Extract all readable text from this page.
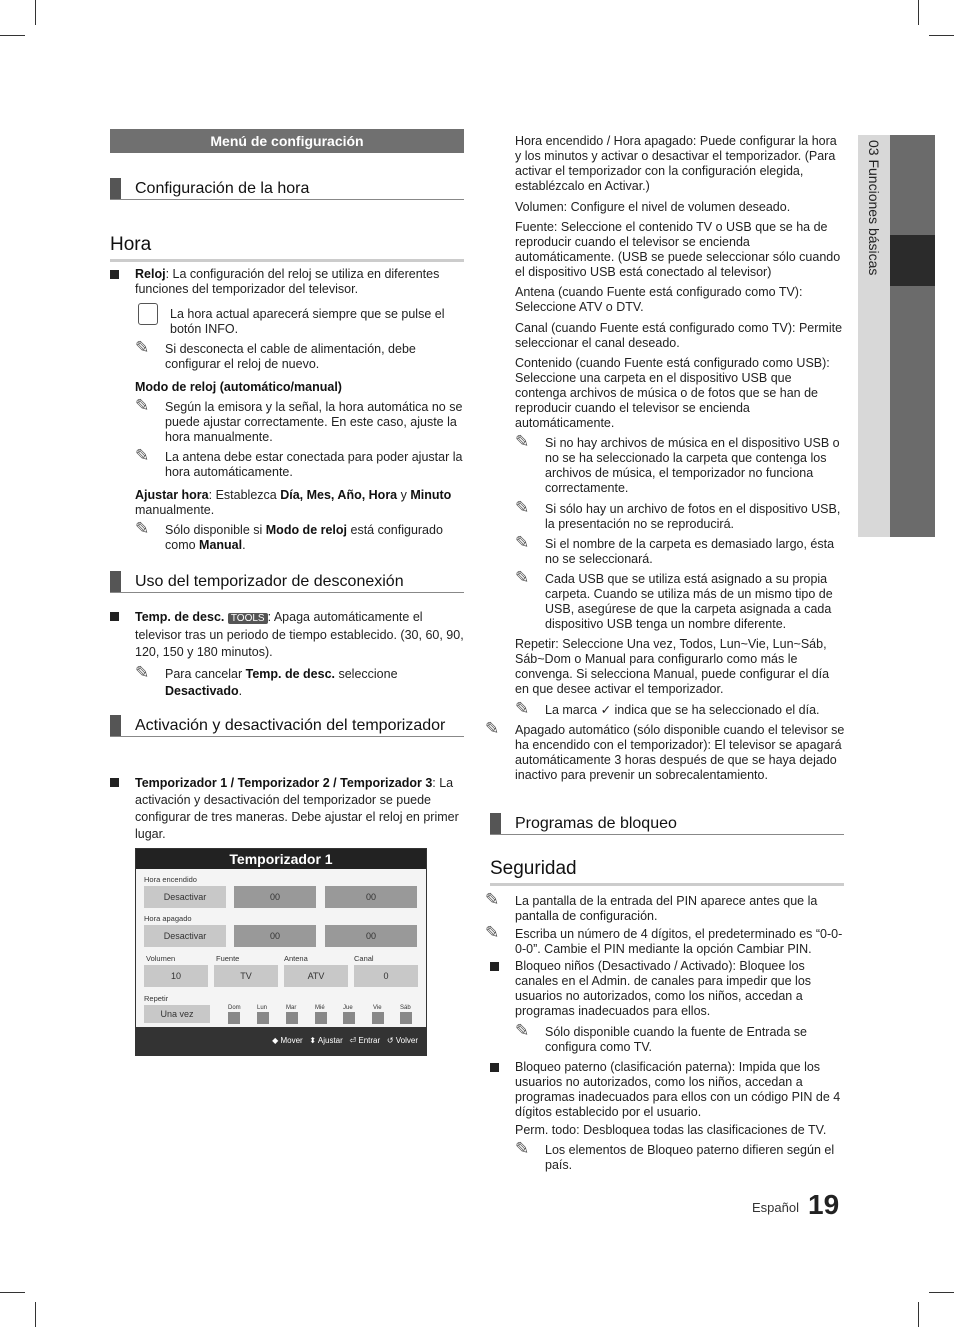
03 Funciones básicas
Menú de configuración
Configuración de la hora
Hora
Reloj: La configuración del reloj se utiliza en diferentes funciones del temporizador del televisor.
La hora actual aparecerá siempre que se pulse el botón INFO.
✎ Si desconecta el cable de alimentación, debe configurar el reloj de nuevo.
Modo de reloj (automático/manual)
✎ Según la emisora y la señal, la hora automática no se puede ajustar correctamente. En este caso, ajuste la hora manualmente.
✎ La antena debe estar conectada para poder ajustar la hora automáticamente.
Ajustar hora: Establezca Día, Mes, Año, Hora y Minuto manualmente.
✎ Sólo disponible si Modo de reloj está configurado como Manual.
Uso del temporizador de desconexión
Temp. de desc. TOOLS : Apaga automáticamente el televisor tras un periodo de tiempo establecido. (30, 60, 90, 120, 150 y 180 minutos).
✎ Para cancelar Temp. de desc. seleccione Desactivado.
Activación y desactivación del temporizador
Temporizador 1 / Temporizador 2 / Temporizador 3: La activación y desactivación del temporizador se puede configurar de tres maneras. Debe ajustar el reloj en primer lugar.
Temporizador 1
Hora encendido
Desactivar	00	00
Hora apagado
Desactivar	00	00
Volumen	Fuente	Antena	Canal
10	TV	ATV	0
Repetir
Una vez
Dom	Lun	Mar	Mié	Jue	Vie	Sáb
◆ Mover   ⬍ Ajustar   ⏎ Entrar   ↺ Volver
Hora encendido / Hora apagado: Puede configurar la hora y los minutos y activar o desactivar el temporizador. (Para activar el temporizador con la configuración elegida, establézcalo en Activar.)
Volumen: Configure el nivel de volumen deseado.
Fuente: Seleccione el contenido TV o USB que se ha de reproducir cuando el televisor se encienda automáticamente. (USB se puede seleccionar sólo cuando el dispositivo USB está conectado al televisor)
Antena (cuando Fuente está configurado como TV): Seleccione ATV o DTV.
Canal (cuando Fuente está configurado como TV): Permite seleccionar el canal deseado.
Contenido (cuando Fuente está configurado como USB): Seleccione una carpeta en el dispositivo USB que contenga archivos de música o de fotos que se han de reproducir cuando el televisor se encienda automáticamente.
✎ Si no hay archivos de música en el dispositivo USB o no se ha seleccionado la carpeta que contenga los archivos de música, el temporizador no funciona correctamente.
✎ Si sólo hay un archivo de fotos en el dispositivo USB, la presentación no se reproducirá.
✎ Si el nombre de la carpeta es demasiado largo, ésta no se seleccionará.
✎ Cada USB que se utiliza está asignado a su propia carpeta. Cuando se utiliza más de un mismo tipo de USB, asegúrese de que la carpeta asignada a cada dispositivo USB tenga un nombre diferente.
Repetir: Seleccione Una vez, Todos, Lun~Vie, Lun~Sáb, Sáb~Dom o Manual para configurarlo como más le convenga. Si selecciona Manual, puede configurar el día en que desee activar el temporizador.
✎ La marca ✓ indica que se ha seleccionado el día.
✎ Apagado automático (sólo disponible cuando el televisor se ha encendido con el temporizador): El televisor se apagará automáticamente 3 horas después de que se haya dejado inactivo para prevenir un sobrecalentamiento.
Programas de bloqueo
Seguridad
✎ La pantalla de la entrada del PIN aparece antes que la pantalla de configuración.
✎ Escriba un número de 4 dígitos, el predeterminado es “0-0-0-0”. Cambie el PIN mediante la opción Cambiar PIN.
Bloqueo niños (Desactivado / Activado): Bloquee los canales en el Admin. de canales para impedir que los usuarios no autorizados, como los niños, accedan a programas inadecuados para ellos.
✎ Sólo disponible cuando la fuente de Entrada se configura como TV.
Bloqueo paterno (clasificación paterna): Impida que los usuarios no autorizados, como los niños, accedan a programas inadecuados para ellos con un código PIN de 4 dígitos establecido por el usuario.
Perm. todo: Desbloquea todas las clasificaciones de TV.
✎ Los elementos de Bloqueo paterno difieren según el país.
Español 19
